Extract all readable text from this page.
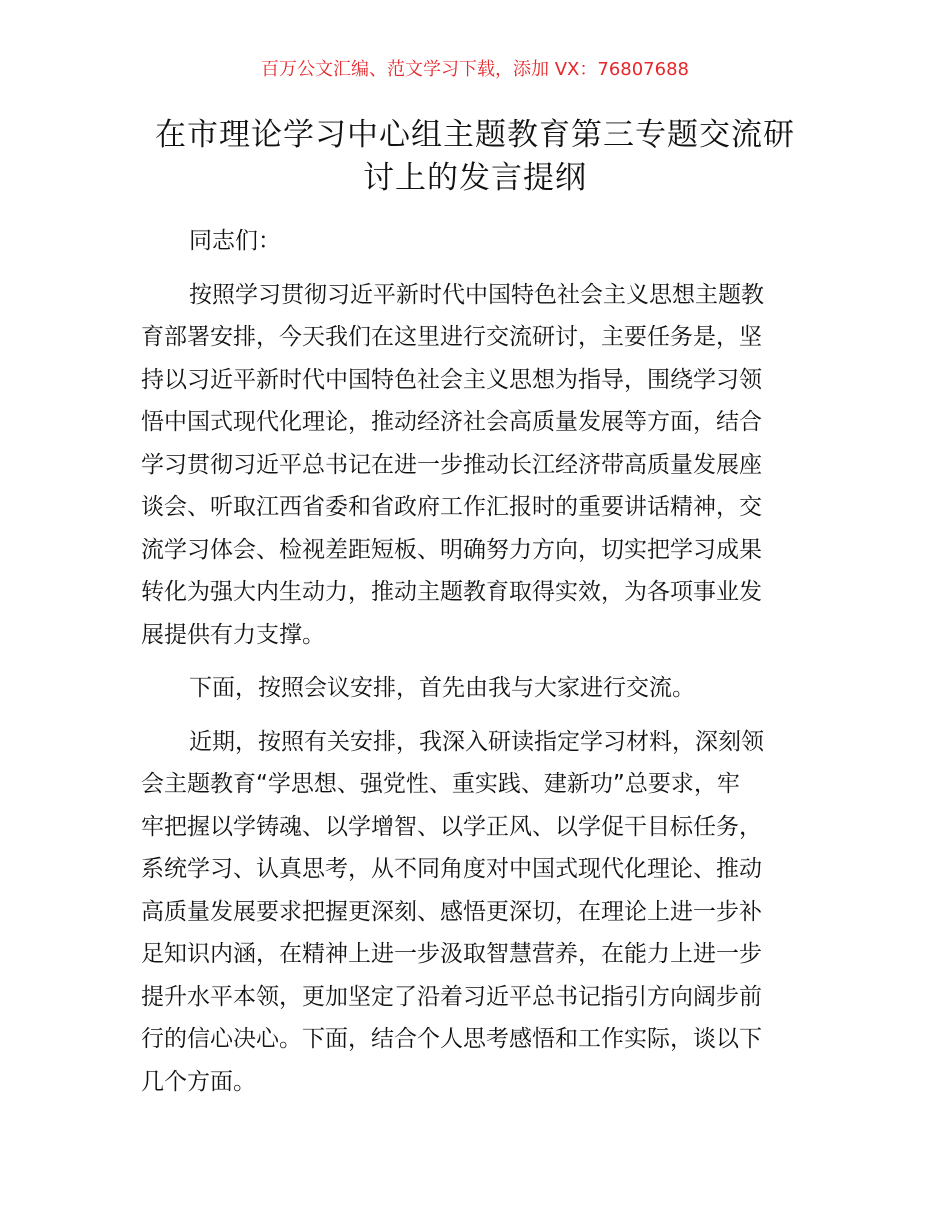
百万公文汇编、范文学习下载，添加 VX：76807688
在市理论学习中心组主题教育第三专题交流研
讨上的发言提纲
同志们：
按照学习贯彻习近平新时代中国特色社会主义思想主题教
育部署安排，今天我们在这里进行交流研讨，主要任务是，坚
持以习近平新时代中国特色社会主义思想为指导，围绕学习领
悟中国式现代化理论，推动经济社会高质量发展等方面，结合
学习贯彻习近平总书记在进一步推动长江经济带高质量发展座
谈会、听取江西省委和省政府工作汇报时的重要讲话精神，交
流学习体会、检视差距短板、明确努力方向，切实把学习成果
转化为强大内生动力，推动主题教育取得实效，为各项事业发
展提供有力支撑。
下面，按照会议安排，首先由我与大家进行交流。
近期，按照有关安排，我深入研读指定学习材料，深刻领
会主题教育“学思想、强党性、重实践、建新功”总要求，牢
牢把握以学铸魂、以学增智、以学正风、以学促干目标任务，
系统学习、认真思考，从不同角度对中国式现代化理论、推动
高质量发展要求把握更深刻、感悟更深切，在理论上进一步补
足知识内涵，在精神上进一步汲取智慧营养，在能力上进一步
提升水平本领，更加坚定了沿着习近平总书记指引方向阔步前
行的信心决心。下面，结合个人思考感悟和工作实际，谈以下
几个方面。
